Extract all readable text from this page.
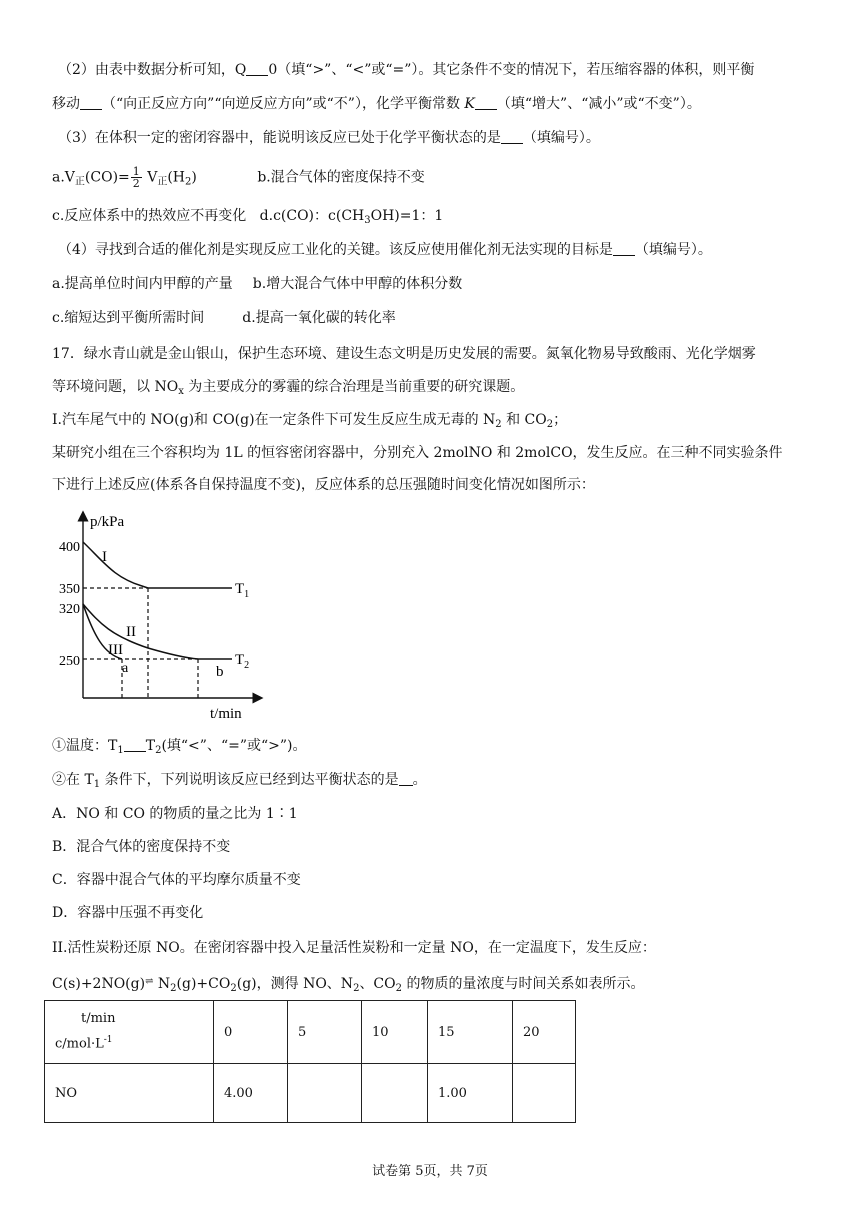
（2）由表中数据分析可知，Q 0（填“>”、“<”或“=”）。其它条件不变的情况下，若压缩容器的体积，则平衡
移动 （“向正反应方向”“向逆反应方向”或“不”），化学平衡常数 K （填“增大”、“减小”或“不变”）。
（3）在体积一定的密闭容器中，能说明该反应已处于化学平衡状态的是 （填编号）。
$a.V_正(CO)= \frac{1}{2} V_正(H_2)$	b.混合气体的密度保持不变
c.反应体系中的热效应不再变化 d.c(CO)：$c(CH_3OH)=1$：1
（4）寻找到合适的催化剂是实现反应工业化的关键。该反应使用催化剂无法实现的目标是 （填编号）。
a.提高单位时间内甲醇的产量 b.增大混合气体中甲醇的体积分数
c.缩短达到平衡所需时间	d.提高一氧化碳的转化率
17．绿水青山就是金山银山，保护生态环境、建设生态文明是历史发展的需要。氮氧化物易导致酸雨、光化学烟雾
等环境问题，以 $NO_x$ 为主要成分的雾霾的综合治理是当前重要的研究课题。
I.汽车尾气中的 NO(g)和 CO(g)在一定条件下可发生反应生成无毒的 $N_2$ 和 $CO_2$；
某研究小组在三个容积均为 1L 的恒容密闭容器中，分别充入 2molNO 和 2molCO，发生反应。在三种不同实验条件
下进行上述反应(体系各自保持温度不变)，反应体系的总压强随时间变化情况如图所示：
p/kPa
t/min
400
350
320
250
I
II
III
a	b
$T_1$
$T_2$
①温度：$T_1$ $T_2$(填“<”、“=”或“>”)。
②在 $T_1$ 条件下，下列说明该反应已经到达平衡状态的是 。
A．NO 和 CO 的物质的量之比为 1∶1
B．混合气体的密度保持不变
C．容器中混合气体的平均摩尔质量不变
D．容器中压强不再变化
II.活性炭粉还原 NO。在密闭容器中投入足量活性炭粉和一定量 NO，在一定温度下，发生反应：
C(s)+2NO(g)⇌ $N_2(g)+CO_2(g)$，测得 NO、$N_2$、$CO_2$ 的物质的量浓度与时间关系如表所示。
t/min
$c/mol\cdot L^{-1}$	0	5	10	15	20
NO	4.00			1.00	
试卷第 5页，共 7页
